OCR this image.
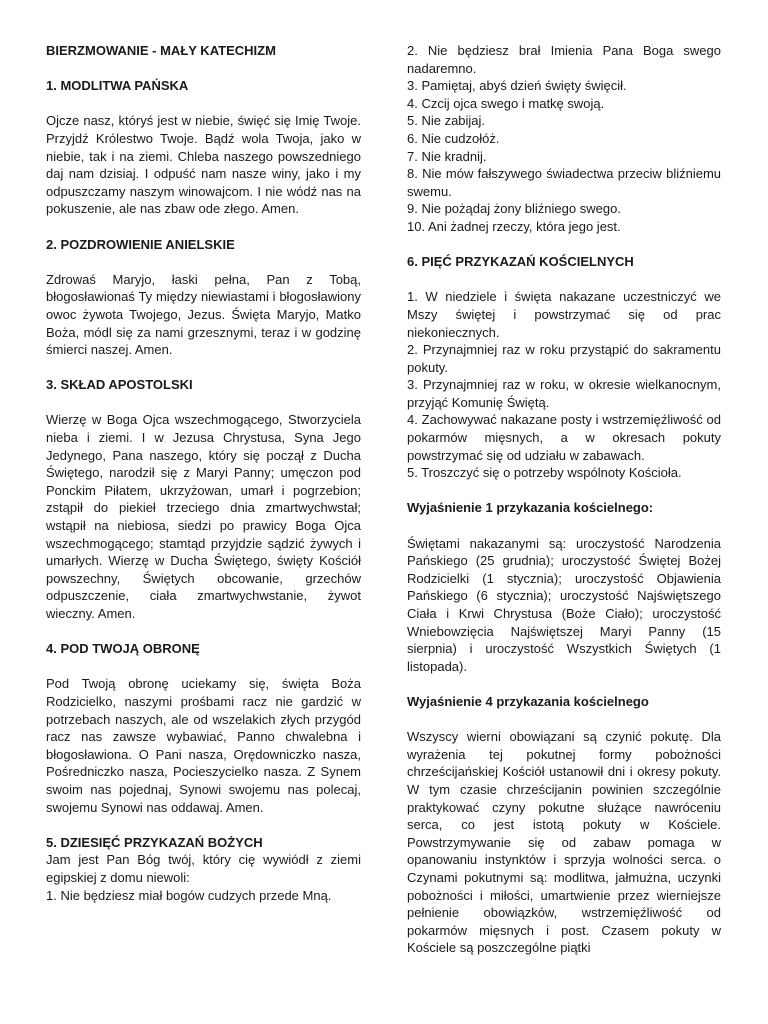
BIERZMOWANIE - MAŁY KATECHIZM

1. MODLITWA PAŃSKA

Ojcze nasz, któryś jest w niebie, święć się Imię Twoje. Przyjdź Królestwo Twoje. Bądź wola Twoja, jako w niebie, tak i na ziemi. Chleba naszego powszedniego daj nam dzisiaj. I odpuść nam nasze winy, jako i my odpuszczamy naszym winowajcom. I nie wódź nas na pokuszenie, ale nas zbaw ode złego. Amen.

2. POZDROWIENIE ANIELSKIE

Zdrowaś Maryjo, łaski pełna, Pan z Tobą, błogosławionaś Ty między niewiastami i błogosławiony owoc żywota Twojego, Jezus. Święta Maryjo, Matko Boża, módl się za nami grzesznymi, teraz i w godzinę śmierci naszej. Amen.

3. SKŁAD APOSTOLSKI

Wierzę w Boga Ojca wszechmogącego, Stworzyciela nieba i ziemi. I w Jezusa Chrystusa, Syna Jego Jedynego, Pana naszego, który się począł z Ducha Świętego, narodził się z Maryi Panny; umęczon pod Ponckim Piłatem, ukrzyżowan, umarł i pogrzebion; zstąpił do piekieł trzeciego dnia zmartwychwstał; wstąpił na niebiosa, siedzi po prawicy Boga Ojca wszechmogącego; stamtąd przyjdzie sądzić żywych i umarłych. Wierzę w Ducha Świętego, święty Kościół powszechny, Świętych obcowanie, grzechów odpuszczenie, ciała zmartwychwstanie, żywot wieczny. Amen.

4. POD TWOJĄ OBRONĘ

Pod Twoją obronę uciekamy się, święta Boża Rodzicielko, naszymi prośbami racz nie gardzić w potrzebach naszych, ale od wszelakich złych przygód racz nas zawsze wybawiać, Panno chwalebna i błogosławiona. O Pani nasza, Orędowniczko nasza, Pośredniczko nasza, Pocieszycielko nasza. Z Synem swoim nas pojednaj, Synowi swojemu nas polecaj, swojemu Synowi nas oddawaj. Amen.

5. DZIESIĘĆ PRZYKAZAŃ BOŻYCH

Jam jest Pan Bóg twój, który cię wywiódł z ziemi egipskiej z domu niewoli:

1. Nie będziesz miał bogów cudzych przede Mną.

2. Nie będziesz brał Imienia Pana Boga swego nadaremno.

3. Pamiętaj, abyś dzień święty święcił.

4. Czcij ojca swego i matkę swoją.

5. Nie zabijaj.

6. Nie cudzołóż.

7. Nie kradnij.

8. Nie mów fałszywego świadectwa przeciw bliźniemu swemu.

9. Nie pożądaj żony bliźniego swego.

10. Ani żadnej rzeczy, która jego jest.

6. PIĘĆ PRZYKAZAŃ KOŚCIELNYCH

1. W niedziele i święta nakazane uczestniczyć we Mszy świętej i powstrzymać się od prac niekoniecznych.

2. Przynajmniej raz w roku przystąpić do sakramentu pokuty.

3. Przynajmniej raz w roku, w okresie wielkanocnym, przyjąć Komunię Świętą.

4. Zachowywać nakazane posty i wstrzemięźliwość od pokarmów mięsnych, a w okresach pokuty powstrzymać się od udziału w zabawach.

5. Troszczyć się o potrzeby wspólnoty Kościoła.

Wyjaśnienie 1 przykazania kościelnego:

Świętami nakazanymi są: uroczystość Narodzenia Pańskiego (25 grudnia); uroczystość Świętej Bożej Rodzicielki (1 stycznia); uroczystość Objawienia Pańskiego (6 stycznia); uroczystość Najświętszego Ciała i Krwi Chrystusa (Boże Ciało); uroczystość Wniebowzięcia Najświętszej Maryi Panny (15 sierpnia) i uroczystość Wszystkich Świętych (1 listopada).

Wyjaśnienie 4 przykazania kościelnego

Wszyscy wierni obowiązani są czynić pokutę. Dla wyrażenia tej pokutnej formy pobożności chrześcijańskiej Kościół ustanowił dni i okresy pokuty. W tym czasie chrześcijanin powinien szczególnie praktykować czyny pokutne służące nawróceniu serca, co jest istotą pokuty w Kościele. Powstrzymywanie się od zabaw pomaga w opanowaniu instynktów i sprzyja wolności serca. o Czynami pokutnymi są: modlitwa, jałmużna, uczynki pobożności i miłości, umartwienie przez wierniejsze pełnienie obowiązków, wstrzemięźliwość od pokarmów mięsnych i post. Czasem pokuty w Kościele są poszczególne piątki
